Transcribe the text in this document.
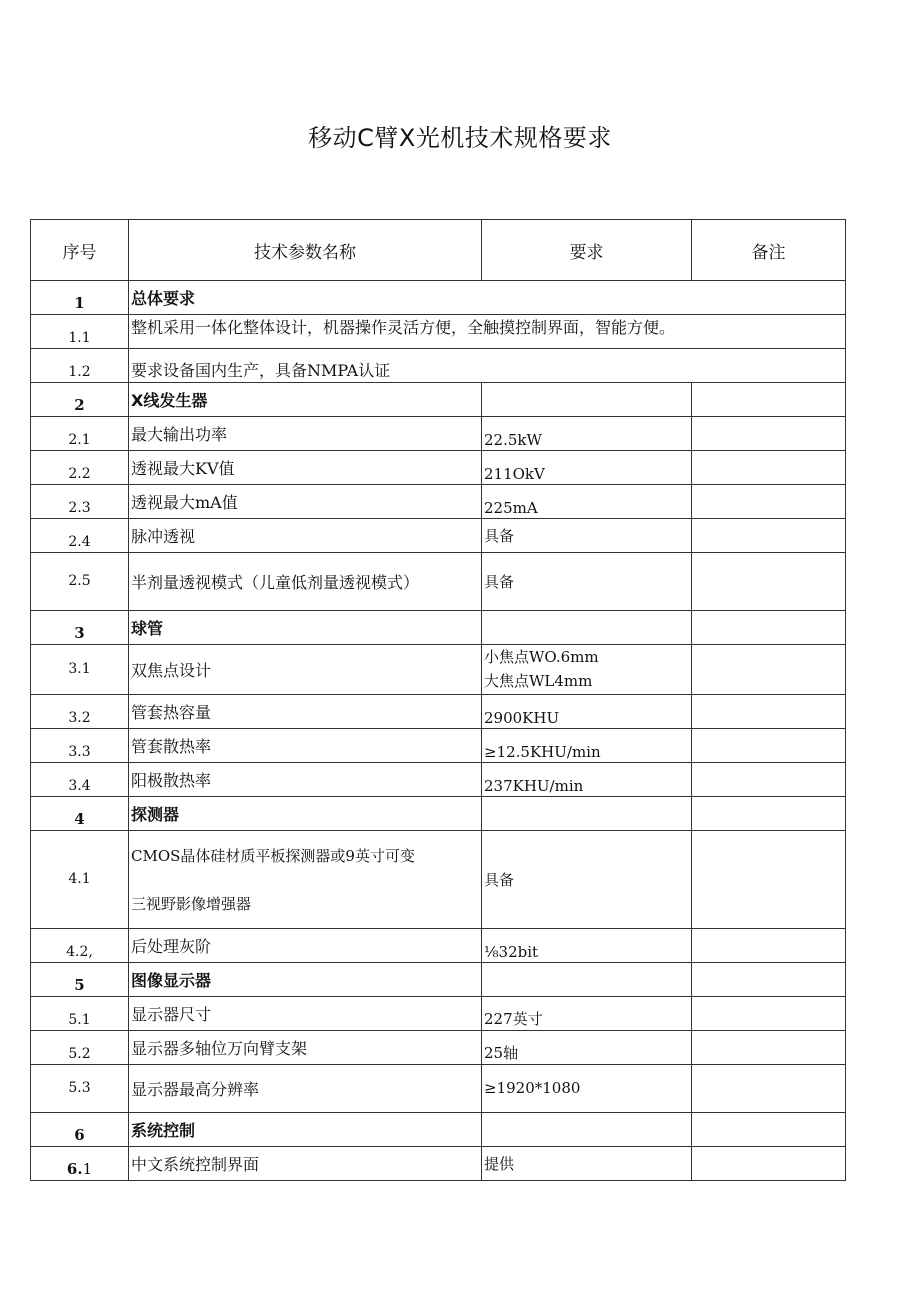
移动C臂X光机技术规格要求
序号	技术参数名称	要求	备注
1	总体要求		
1.1	整机采用一体化整体设计，机器操作灵活方便，全触摸控制界面，智能方便。		
1.2	要求设备国内生产，具备NMPA认证		
2	X线发生器		
2.1	最大输出功率	22.5kW	
2.2	透视最大KV值	211OkV	
2.3	透视最大mA值	225mA	
2.4	脉冲透视	具备	
2.5	半剂量透视模式（儿童低剂量透视模式）	具备	
3	球管		
3.1	双焦点设计	小焦点WO.6mm
大焦点WL4mm	

3.2	管套热容量	2900KHU	
3.3	管套散热率	≥12.5KHU∕min	
3.4	阳极散热率	237KHU∕min	
4	探测器		
4.1	CMOS晶体硅材质平板探测器或9英寸可变
三视野影像增强器	具备	
4.2,	后处理灰阶	⅛32bit	
5	图像显示器		
5.1	显示器尺寸	227英寸	
5.2	显示器多轴位万向臂支架	25轴	
5.3	显示器最高分辨率	≥1920*1080	
6	系统控制		
6.1	中文系统控制界面	提供	
